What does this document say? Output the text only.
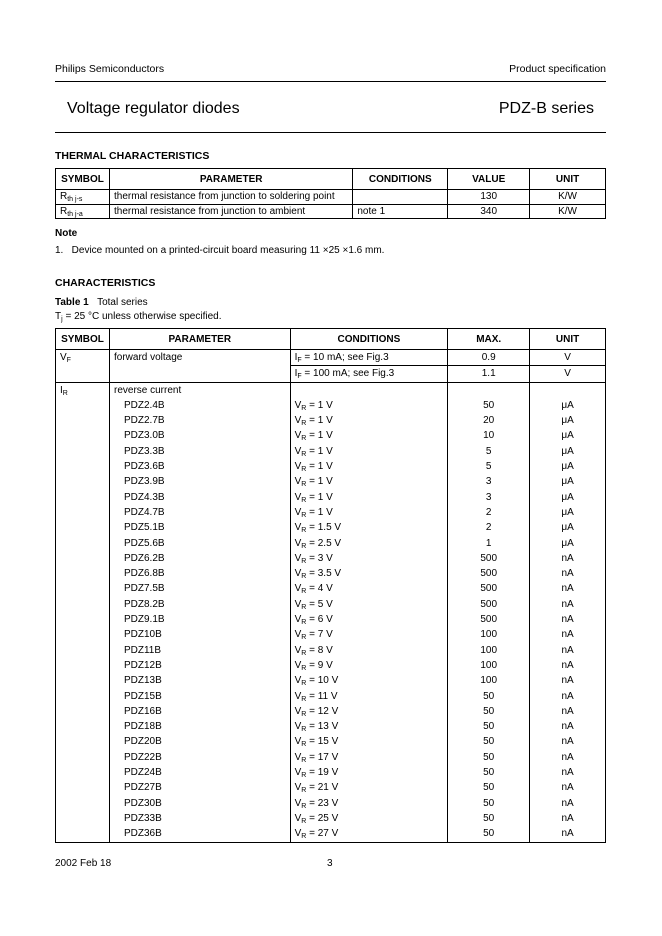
Philips Semiconductors	Product specification
Voltage regulator diodes	PDZ-B series
THERMAL CHARACTERISTICS
SYMBOL	PARAMETER	CONDITIONS	VALUE	UNIT
$R_{th j-s}$	thermal resistance from junction to soldering point		130	K/W
$R_{th j-a}$	thermal resistance from junction to ambient	note 1	340	K/W
Note
1.   Device mounted on a printed-circuit board measuring 11 ×25 ×1.6 mm.
CHARACTERISTICS
Table 1 Total series
$T_j = 25$ °C unless otherwise specified.
SYMBOL	PARAMETER	CONDITIONS	MAX.	UNIT
$V_F$	forward voltage	$I_F = 10$ mA; see Fig.3	0.9	V
		$I_F = 100$ mA; see Fig.3	1.1	V
$I_R$	reverse current			
	PDZ2.4B	$V_R = 1$ V	50	μA
	PDZ2.7B	$V_R = 1$ V	20	μA
	PDZ3.0B	$V_R = 1$ V	10	μA
	PDZ3.3B	$V_R = 1$ V	5	μA
	PDZ3.6B	$V_R = 1$ V	5	μA
	PDZ3.9B	$V_R = 1$ V	3	μA
	PDZ4.3B	$V_R = 1$ V	3	μA
	PDZ4.7B	$V_R = 1$ V	2	μA
	PDZ5.1B	$V_R = 1.5$ V	2	μA
	PDZ5.6B	$V_R = 2.5$ V	1	μA
	PDZ6.2B	$V_R = 3$ V	500	nA
	PDZ6.8B	$V_R = 3.5$ V	500	nA
	PDZ7.5B	$V_R = 4$ V	500	nA
	PDZ8.2B	$V_R = 5$ V	500	nA
	PDZ9.1B	$V_R = 6$ V	500	nA
	PDZ10B	$V_R = 7$ V	100	nA
	PDZ11B	$V_R = 8$ V	100	nA
	PDZ12B	$V_R = 9$ V	100	nA
	PDZ13B	$V_R = 10$ V	100	nA
	PDZ15B	$V_R = 11$ V	50	nA
	PDZ16B	$V_R = 12$ V	50	nA
	PDZ18B	$V_R = 13$ V	50	nA
	PDZ20B	$V_R = 15$ V	50	nA
	PDZ22B	$V_R = 17$ V	50	nA
	PDZ24B	$V_R = 19$ V	50	nA
	PDZ27B	$V_R = 21$ V	50	nA
	PDZ30B	$V_R = 23$ V	50	nA
	PDZ33B	$V_R = 25$ V	50	nA
	PDZ36B	$V_R = 27$ V	50	nA
2002 Feb 18	3
